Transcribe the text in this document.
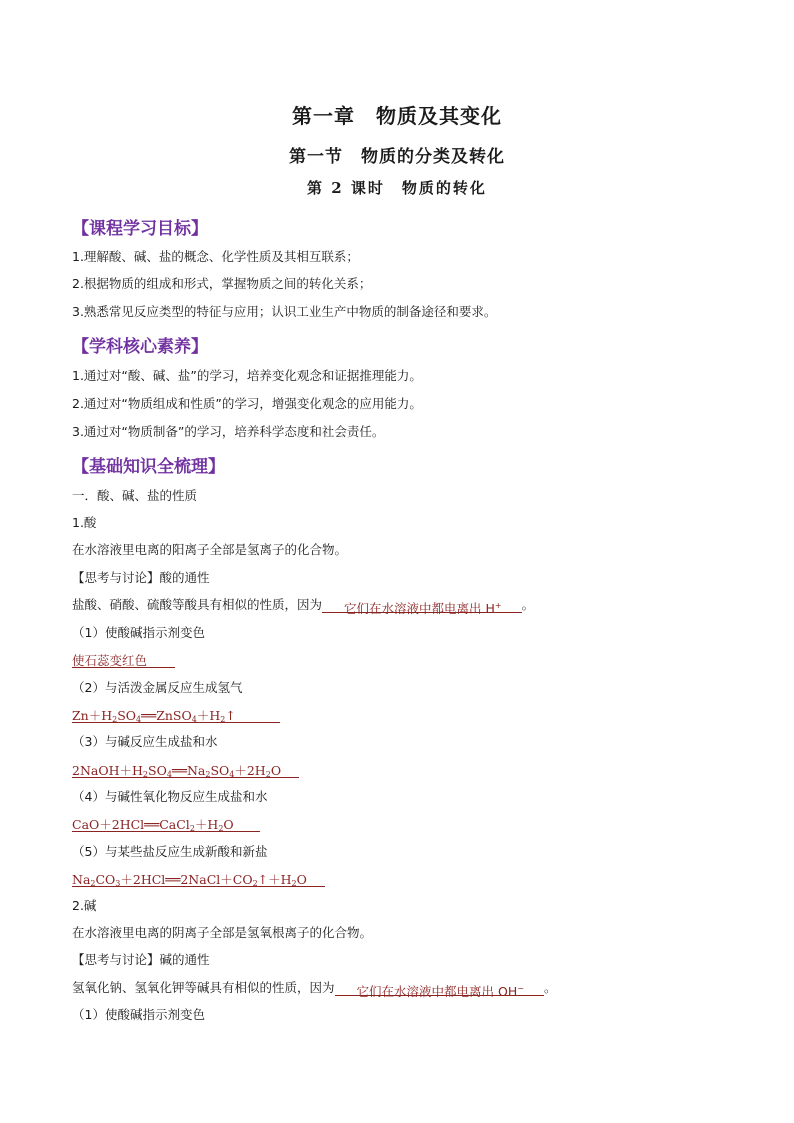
第一章　物质及其变化
第一节　物质的分类及转化
第 2 课时　物质的转化
【课程学习目标】
1.理解酸、碱、盐的概念、化学性质及其相互联系；
2.根据物质的组成和形式，掌握物质之间的转化关系；
3.熟悉常见反应类型的特征与应用；认识工业生产中物质的制备途径和要求。
【学科核心素养】
1.通过对“酸、碱、盐”的学习，培养变化观念和证据推理能力。
2.通过对“物质组成和性质”的学习，增强变化观念的应用能力。
3.通过对“物质制备”的学习，培养科学态度和社会责任。
【基础知识全梳理】
一．酸、碱、盐的性质
1.酸
在水溶液里电离的阳离子全部是氢离子的化合物。
【思考与讨论】酸的通性
盐酸、硝酸、硫酸等酸具有相似的性质，因为 它们在水溶液中都电离出 H+ 。
（1）使酸碱指示剂变色
使石蕊变红色
（2）与活泼金属反应生成氢气
$Zn+H_2SO_4══ZnSO_4+H_2↑$
（3）与碱反应生成盐和水
$2NaOH+H_2SO_4══Na_2SO_4+2H_2O$
（4）与碱性氧化物反应生成盐和水
$CaO+2HCl══CaCl_2+H_2O$
（5）与某些盐反应生成新酸和新盐
$Na_2CO_3+2HCl══2NaCl+CO_2↑+H_2O$
2.碱
在水溶液里电离的阴离子全部是氢氧根离子的化合物。
【思考与讨论】碱的通性
氢氧化钠、氢氧化钾等碱具有相似的性质，因为 它们在水溶液中都电离出 OH− 。
（1）使酸碱指示剂变色
